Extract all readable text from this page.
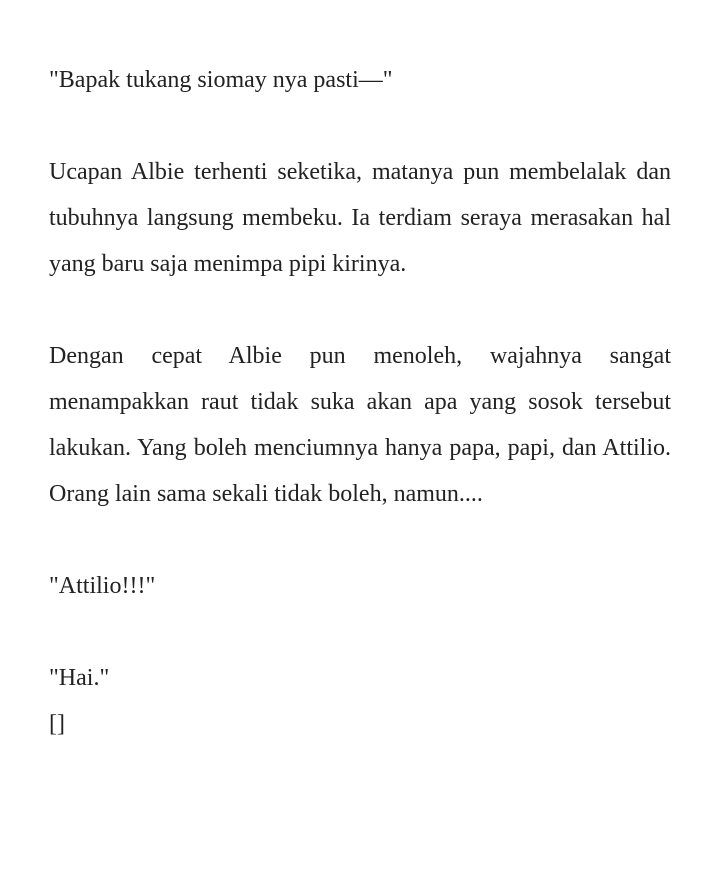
"Bapak tukang siomay nya pasti—"

Ucapan Albie terhenti seketika, matanya pun membelalak dan tubuhnya langsung membeku. Ia terdiam seraya merasakan hal yang baru saja menimpa pipi kirinya.

Dengan cepat Albie pun menoleh, wajahnya sangat menampakkan raut tidak suka akan apa yang sosok tersebut lakukan. Yang boleh menciumnya hanya papa, papi, dan Attilio. Orang lain sama sekali tidak boleh, namun....

"Attilio!!!"

"Hai."

[]
